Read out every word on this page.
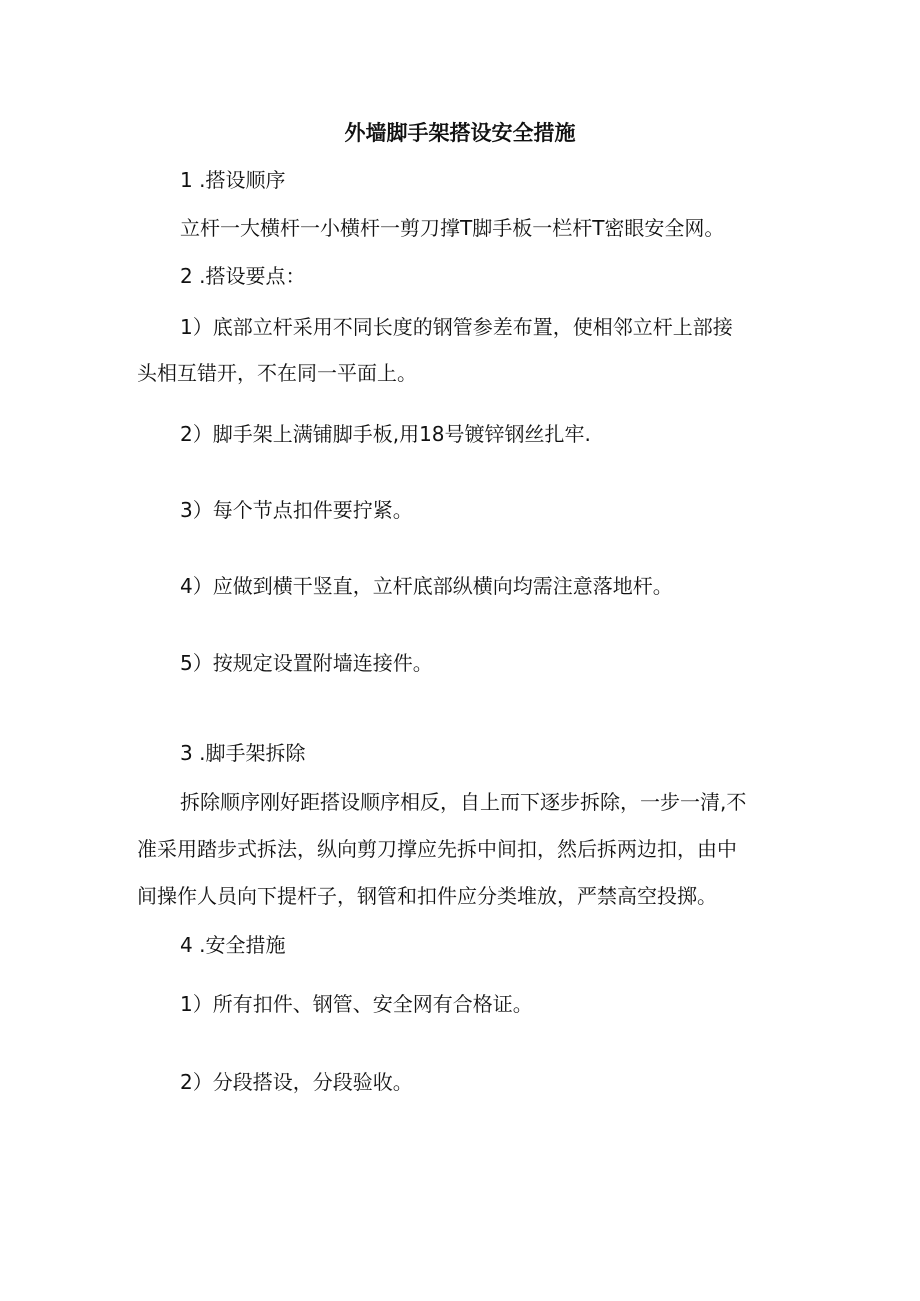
外墙脚手架搭设安全措施

1 .搭设顺序

立杆一大横杆一小横杆一剪刀撑T脚手板一栏杆T密眼安全网。

2 .搭设要点：

1）底部立杆采用不同长度的钢管参差布置，使相邻立杆上部接

头相互错开，不在同一平面上。

2）脚手架上满铺脚手板,用18号镀锌钢丝扎牢.

3）每个节点扣件要拧紧。

4）应做到横干竖直，立杆底部纵横向均需注意落地杆。

5）按规定设置附墙连接件。

3 .脚手架拆除

拆除顺序刚好距搭设顺序相反，自上而下逐步拆除，一步一清,不

准采用踏步式拆法，纵向剪刀撑应先拆中间扣，然后拆两边扣，由中

间操作人员向下提杆子，钢管和扣件应分类堆放，严禁高空投掷。

4 .安全措施

1）所有扣件、钢管、安全网有合格证。

2）分段搭设，分段验收。
